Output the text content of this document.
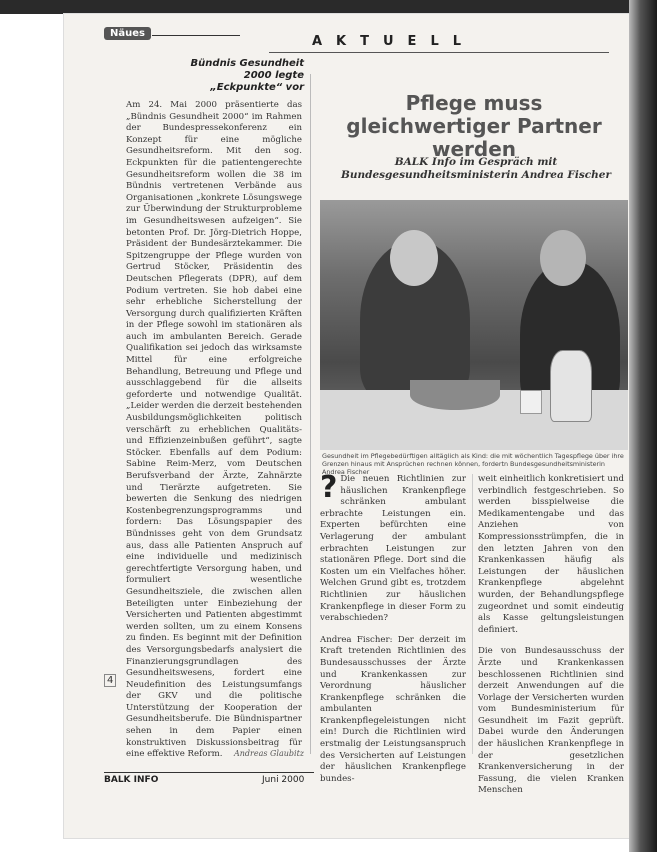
Näues
AKTUELL
Bündnis Gesundheit 2000 legte „Eckpunkte“ vor

Am 24. Mai 2000 präsentierte das „Bündnis Gesundheit 2000“ im Rahmen der Bundespressekonferenz ein Konzept für eine mögliche Gesundheitsreform. Mit den sog. Eckpunkten für die patientengerechte Gesundheitsreform wollen die 38 im Bündnis vertretenen Verbände aus Organisationen „konkrete Lösungswege zur Überwindung der Strukturprobleme im Gesundheitswesen aufzeigen“. Sie betonten Prof. Dr. Jörg-Dietrich Hoppe, Präsident der Bundesärztekammer. Die Spitzengruppe der Pflege wurden von Gertrud Stöcker, Präsidentin des Deutschen Pflegerats (DPR), auf dem Podium vertreten. Sie hob dabei eine sehr erhebliche Sicherstellung der Versorgung durch qualifizierten Kräften in der Pflege sowohl im stationären als auch im ambulanten Bereich. Gerade Qualifikation sei jedoch das wirksamste Mittel für eine erfolgreiche Behandlung, Betreuung und Pflege und ausschlaggebend für die allseits geforderte und notwendige Qualität. „Leider werden die derzeit bestehenden Ausbildungsmöglichkeiten politisch verschärft zu erheblichen Qualitäts- und Effizienzeinbußen geführt“, sagte Stöcker. Ebenfalls auf dem Podium: Sabine Reim-Merz, vom Deutschen Berufsverband der Ärzte, Zahnärzte und Tierärzte aufgetreten. Sie bewerten die Senkung des niedrigen Kostenbegrenzungsprogramms und fordern: Das Lösungspapier des Bündnisses geht von dem Grundsatz aus, dass alle Patienten Anspruch auf eine individuelle und medizinisch gerechtfertigte Versorgung haben, und formuliert wesentliche Gesundheitsziele, die zwischen allen Beteiligten unter Einbeziehung der Versicherten und Patienten abgestimmt werden sollten, um zu einem Konsens zu finden. Es beginnt mit der Definition des Versorgungsbedarfs analysiert die Finanzierungsgrundlagen des Gesundheitswesens, fordert eine Neudefinition des Leistungsumfangs der GKV und die politische Unterstützung der Kooperation der Gesundheitsberufe. Die Bündnispartner sehen in dem Papier einen konstruktiven Diskussionsbeitrag für eine effektive Reform.

4
Andreas Glaubitz
Pflege muss gleichwertiger Partner werden
BALK Info im Gespräch mit Bundesgesundheitsministerin Andrea Fischer
Gesundheit im Pflegebedürftigen alltäglich als Kind: die mit wöchentlich Tagespflege über ihre Grenzen hinaus mit Ansprüchen rechnen können, fordertn Bundesgesundheitsministerin Andrea Fischer

? Die neuen Richtlinien zur häuslichen Krankenpflege schränken ambulant erbrachte Leistungen ein. Experten befürchten eine Verlagerung der ambulant erbrachten Leistungen zur stationären Pflege. Dort sind die Kosten um ein Vielfaches höher. Welchen Grund gibt es, trotzdem Richtlinien zur häuslichen Krankenpflege in dieser Form zu verabschieden?

Andrea Fischer: Der derzeit im Kraft tretenden Richtlinien des Bundesausschusses der Ärzte und Krankenkassen zur Verordnung häuslicher Krankenpflege schränken die ambulanten Krankenpflegeleistungen nicht ein! Durch die Richtlinien wird erstmalig der Leistungsanspruch des Versicherten auf Leistungen der häuslichen Krankenpflege bundes-

weit einheitlich konkretisiert und verbindlich festgeschrieben. So werden bisspielweise die Medikamentengabe und das Anziehen von Kompressionsstrümpfen, die in den letzten Jahren von den Krankenkassen häufig als Leistungen der häuslichen Krankenpflege abgelehnt wurden, der Behandlungspflege zugeordnet und somit eindeutig als Kasse geltungsleistungen definiert.

Die von Bundesausschuss der Ärzte und Krankenkassen beschlossenen Richtlinien sind derzeit Anwendungen auf die Vorlage der Versicherten wurden vom Bundesministerium für Gesundheit im Fazit geprüft. Dabei wurde den Änderungen der häuslichen Krankenpflege in der gesetzlichen Krankenversicherung in der Fassung, die vielen Kranken Menschen

BALK INFO	Juni 2000
